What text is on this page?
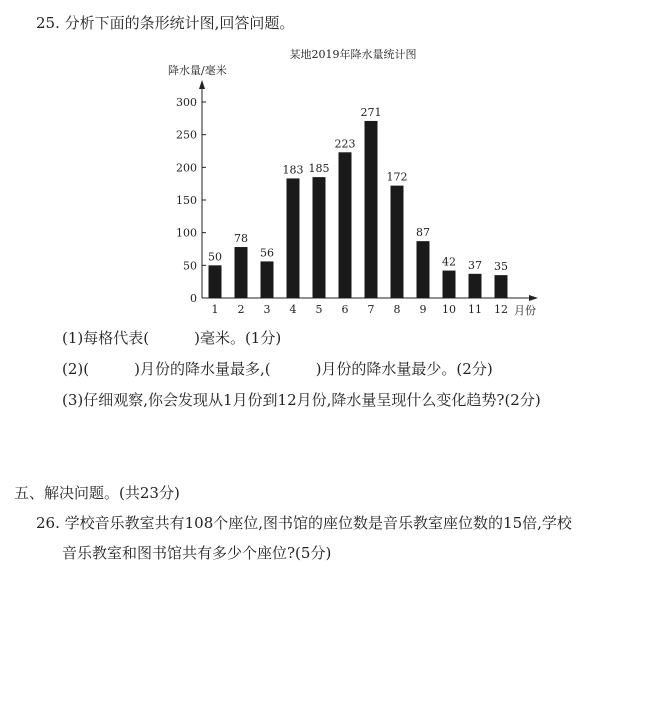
25. 分析下面的条形统计图,回答问题。
某地2019年降水量统计图
降水量/毫米
月份
0
50
100
150
200
250
300
50
1
78
2
56
3
183
4
185
5
223
6
271
7
172
8
87
9
42
10
37
11
35
12
(1)每格代表(　　　)毫米。(1分)
(2)(　　　)月份的降水量最多,(　　　)月份的降水量最少。(2分)
(3)仔细观察,你会发现从1月份到12月份,降水量呈现什么变化趋势?(2分)
五、解决问题。(共23分)
26. 学校音乐教室共有108个座位,图书馆的座位数是音乐教室座位数的15倍,学校
音乐教室和图书馆共有多少个座位?(5分)
